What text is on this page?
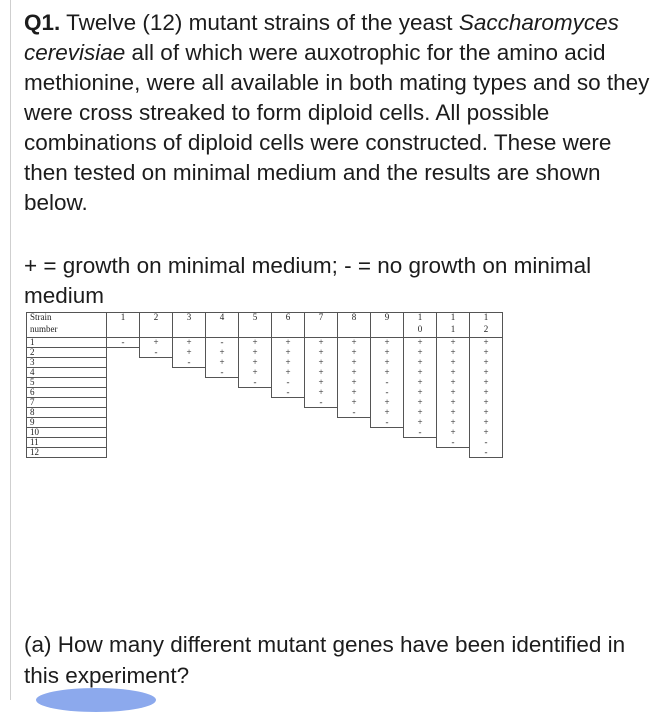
Q1. Twelve (12) mutant strains of the yeast Saccharomyces cerevisiae all of which were auxotrophic for the amino acid methionine, were all available in both mating types and so they were cross streaked to form diploid cells. All possible combinations of diploid cells were constructed. These were then tested on minimal medium and the results are shown below.
+ = growth on minimal medium; - = no growth on minimal medium
Strain	1	2	3	4	5	6	7	8	9	1	1	1
number										0	1	2
1	-	+	+	-	+	+	+	+	+	+	+	+
2		-	+	+	+	+	+	+	+	+	+	+
3			-	+	+	+	+	+	+	+	+	+
4				-	+	+	+	+	+	+	+	+
5					-	-	+	+	-	+	+	+
6						-	+	+	-	+	+	+
7							-	+	+	+	+	+
8								-	+	+	+	+
9									-	+	+	+
10										-	+	+
11											-	-
12												-
(a) How many different mutant genes have been identified in this experiment?
